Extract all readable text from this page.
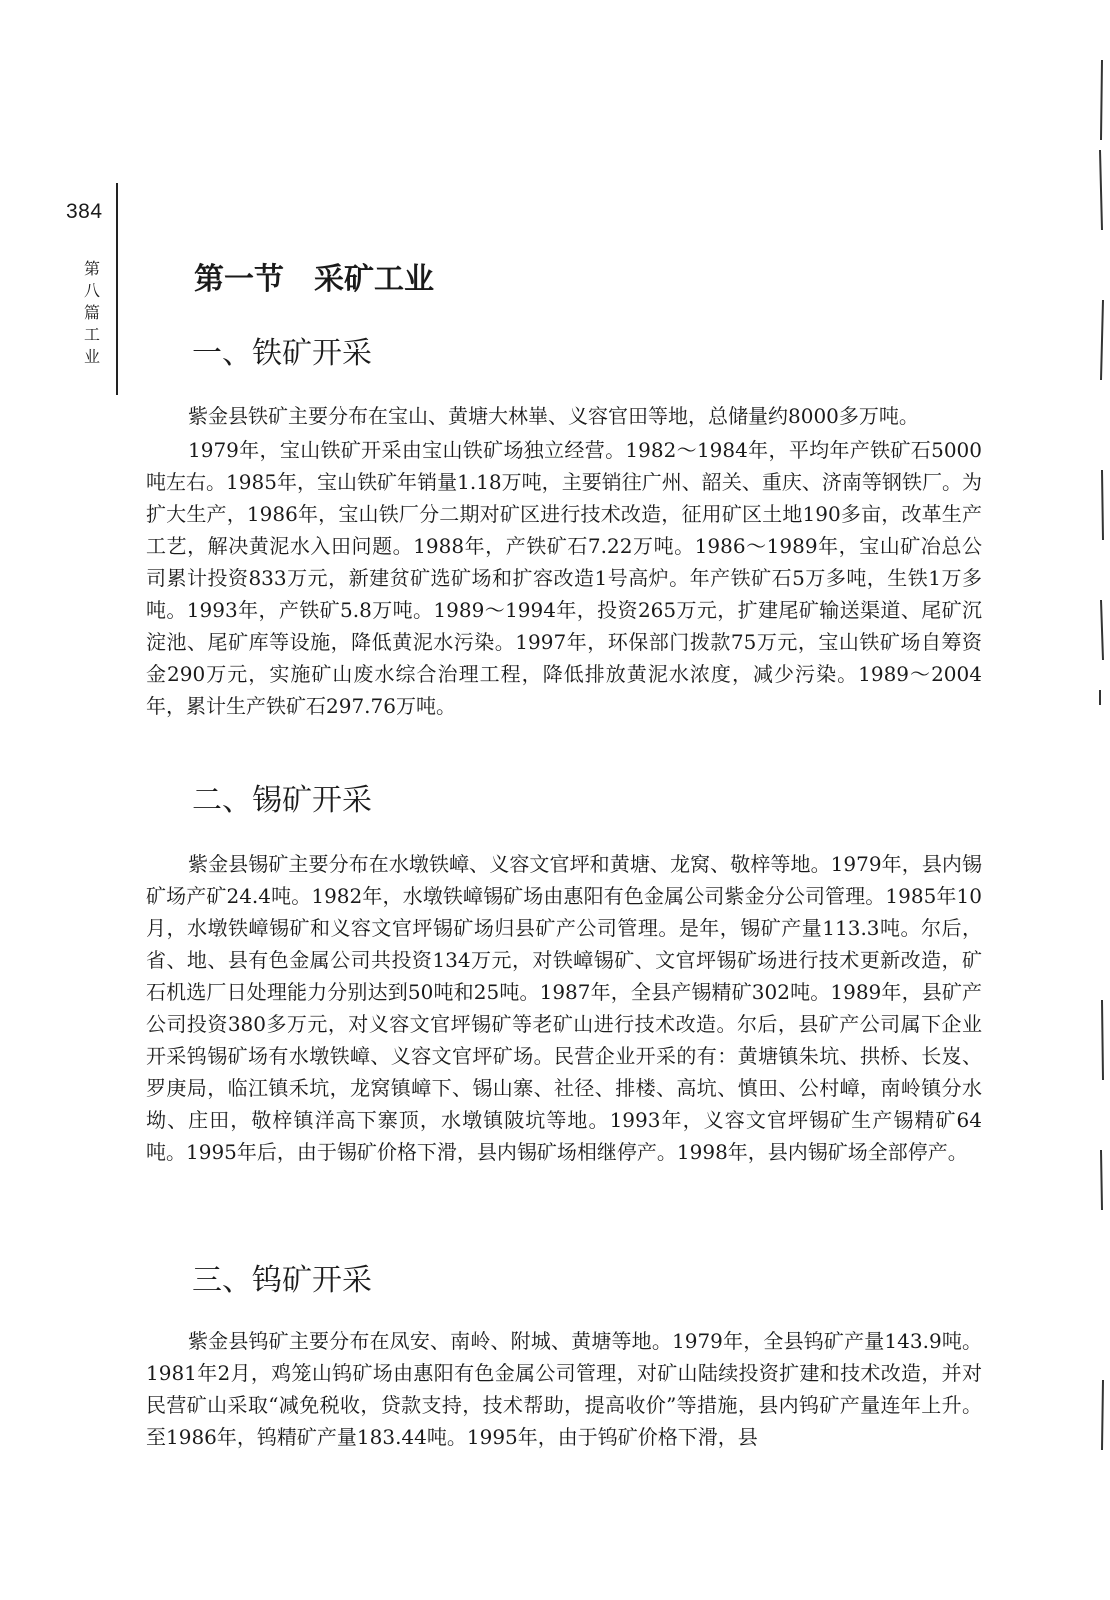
384
第八篇 工业
第一节　采矿工业
一、铁矿开采

紫金县铁矿主要分布在宝山、黄塘大林崋、义容官田等地，总储量约8000多万吨。

1979年，宝山铁矿开采由宝山铁矿场独立经营。1982～1984年，平均年产铁矿石5000吨左右。1985年，宝山铁矿年销量1.18万吨，主要销往广州、韶关、重庆、济南等钢铁厂。为扩大生产，1986年，宝山铁厂分二期对矿区进行技术改造，征用矿区土地190多亩，改革生产工艺，解决黄泥水入田问题。1988年，产铁矿石7.22万吨。1986～1989年，宝山矿冶总公司累计投资833万元，新建贫矿选矿场和扩容改造1号高炉。年产铁矿石5万多吨，生铁1万多吨。1993年，产铁矿5.8万吨。1989～1994年，投资265万元，扩建尾矿输送渠道、尾矿沉淀池、尾矿库等设施，降低黄泥水污染。1997年，环保部门拨款75万元，宝山铁矿场自筹资金290万元，实施矿山废水综合治理工程，降低排放黄泥水浓度，减少污染。1989～2004年，累计生产铁矿石297.76万吨。

二、锡矿开采

紫金县锡矿主要分布在水墩铁嶂、义容文官坪和黄塘、龙窝、敬梓等地。1979年，县内锡矿场产矿24.4吨。1982年，水墩铁嶂锡矿场由惠阳有色金属公司紫金分公司管理。1985年10月，水墩铁嶂锡矿和义容文官坪锡矿场归县矿产公司管理。是年，锡矿产量113.3吨。尔后，省、地、县有色金属公司共投资134万元，对铁嶂锡矿、文官坪锡矿场进行技术更新改造，矿石机选厂日处理能力分别达到50吨和25吨。1987年，全县产锡精矿302吨。1989年，县矿产公司投资380多万元，对义容文官坪锡矿等老矿山进行技术改造。尔后，县矿产公司属下企业开采钨锡矿场有水墩铁嶂、义容文官坪矿场。民营企业开采的有：黄塘镇朱坑、拱桥、长岌、罗庚局，临江镇禾坑，龙窝镇嶂下、锡山寨、社径、排楼、高坑、慎田、公村嶂，南岭镇分水坳、庄田，敬梓镇洋高下寨顶，水墩镇陂坑等地。1993年，义容文官坪锡矿生产锡精矿64吨。1995年后，由于锡矿价格下滑，县内锡矿场相继停产。1998年，县内锡矿场全部停产。

三、钨矿开采

紫金县钨矿主要分布在凤安、南岭、附城、黄塘等地。1979年，全县钨矿产量143.9吨。1981年2月，鸡笼山钨矿场由惠阳有色金属公司管理，对矿山陆续投资扩建和技术改造，并对民营矿山采取“减免税收，贷款支持，技术帮助，提高收价”等措施，县内钨矿产量连年上升。至1986年，钨精矿产量183.44吨。1995年，由于钨矿价格下滑，县
